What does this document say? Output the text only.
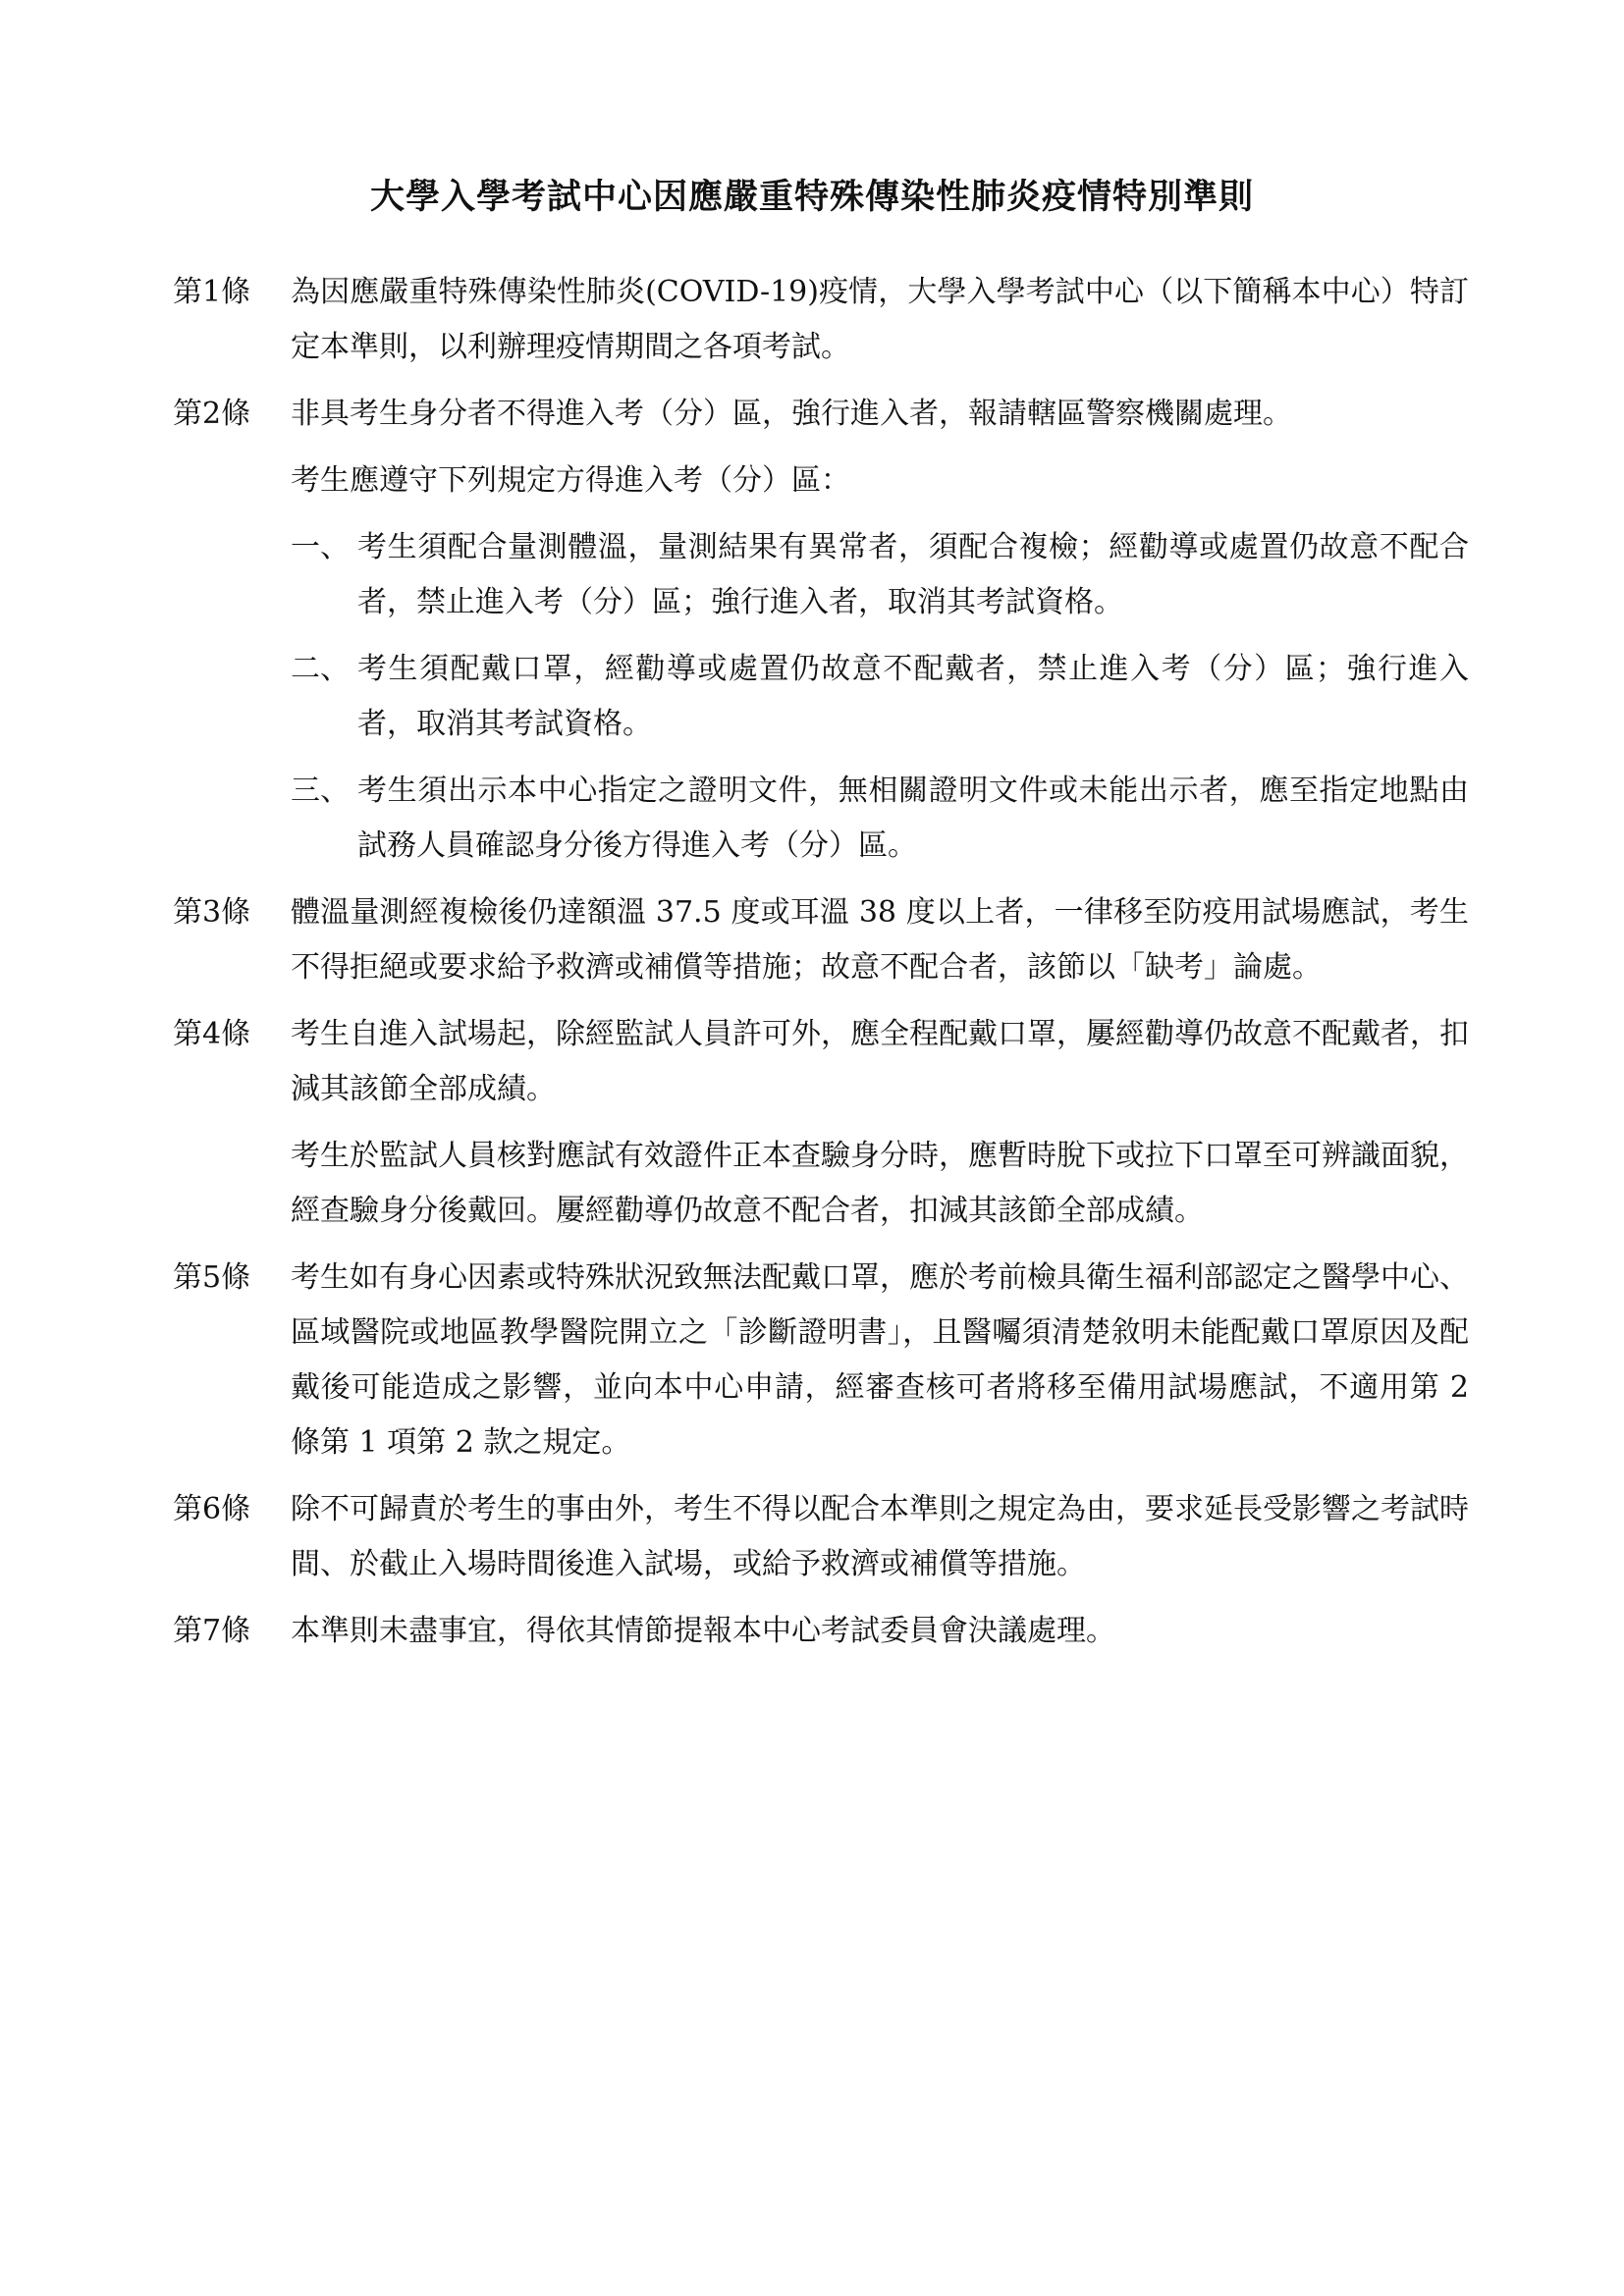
大學入學考試中心因應嚴重特殊傳染性肺炎疫情特別準則
第1條	為因應嚴重特殊傳染性肺炎(COVID-19)疫情，大學入學考試中心（以下簡稱本中心）特訂定本準則，以利辦理疫情期間之各項考試。

第2條	非具考生身分者不得進入考（分）區，強行進入者，報請轄區警察機關處理。

考生應遵守下列規定方得進入考（分）區：

一、 考生須配合量測體溫，量測結果有異常者，須配合複檢；經勸導或處置仍故意不配合者，禁止進入考（分）區；強行進入者，取消其考試資格。
二、 考生須配戴口罩，經勸導或處置仍故意不配戴者，禁止進入考（分）區；強行進入者，取消其考試資格。
三、 考生須出示本中心指定之證明文件，無相關證明文件或未能出示者，應至指定地點由試務人員確認身分後方得進入考（分）區。
第3條	體溫量測經複檢後仍達額溫 37.5 度或耳溫 38 度以上者，一律移至防疫用試場應試，考生不得拒絕或要求給予救濟或補償等措施；故意不配合者，該節以「缺考」論處。

第4條	考生自進入試場起，除經監試人員許可外，應全程配戴口罩，屢經勸導仍故意不配戴者，扣減其該節全部成績。

考生於監試人員核對應試有效證件正本查驗身分時，應暫時脫下或拉下口罩至可辨識面貌，經查驗身分後戴回。屢經勸導仍故意不配合者，扣減其該節全部成績。

第5條	考生如有身心因素或特殊狀況致無法配戴口罩，應於考前檢具衛生福利部認定之醫學中心、區域醫院或地區教學醫院開立之「診斷證明書」，且醫囑須清楚敘明未能配戴口罩原因及配戴後可能造成之影響，並向本中心申請，經審查核可者將移至備用試場應試，不適用第 2 條第 1 項第 2 款之規定。

第6條	除不可歸責於考生的事由外，考生不得以配合本準則之規定為由，要求延長受影響之考試時間、於截止入場時間後進入試場，或給予救濟或補償等措施。

第7條	本準則未盡事宜，得依其情節提報本中心考試委員會決議處理。
